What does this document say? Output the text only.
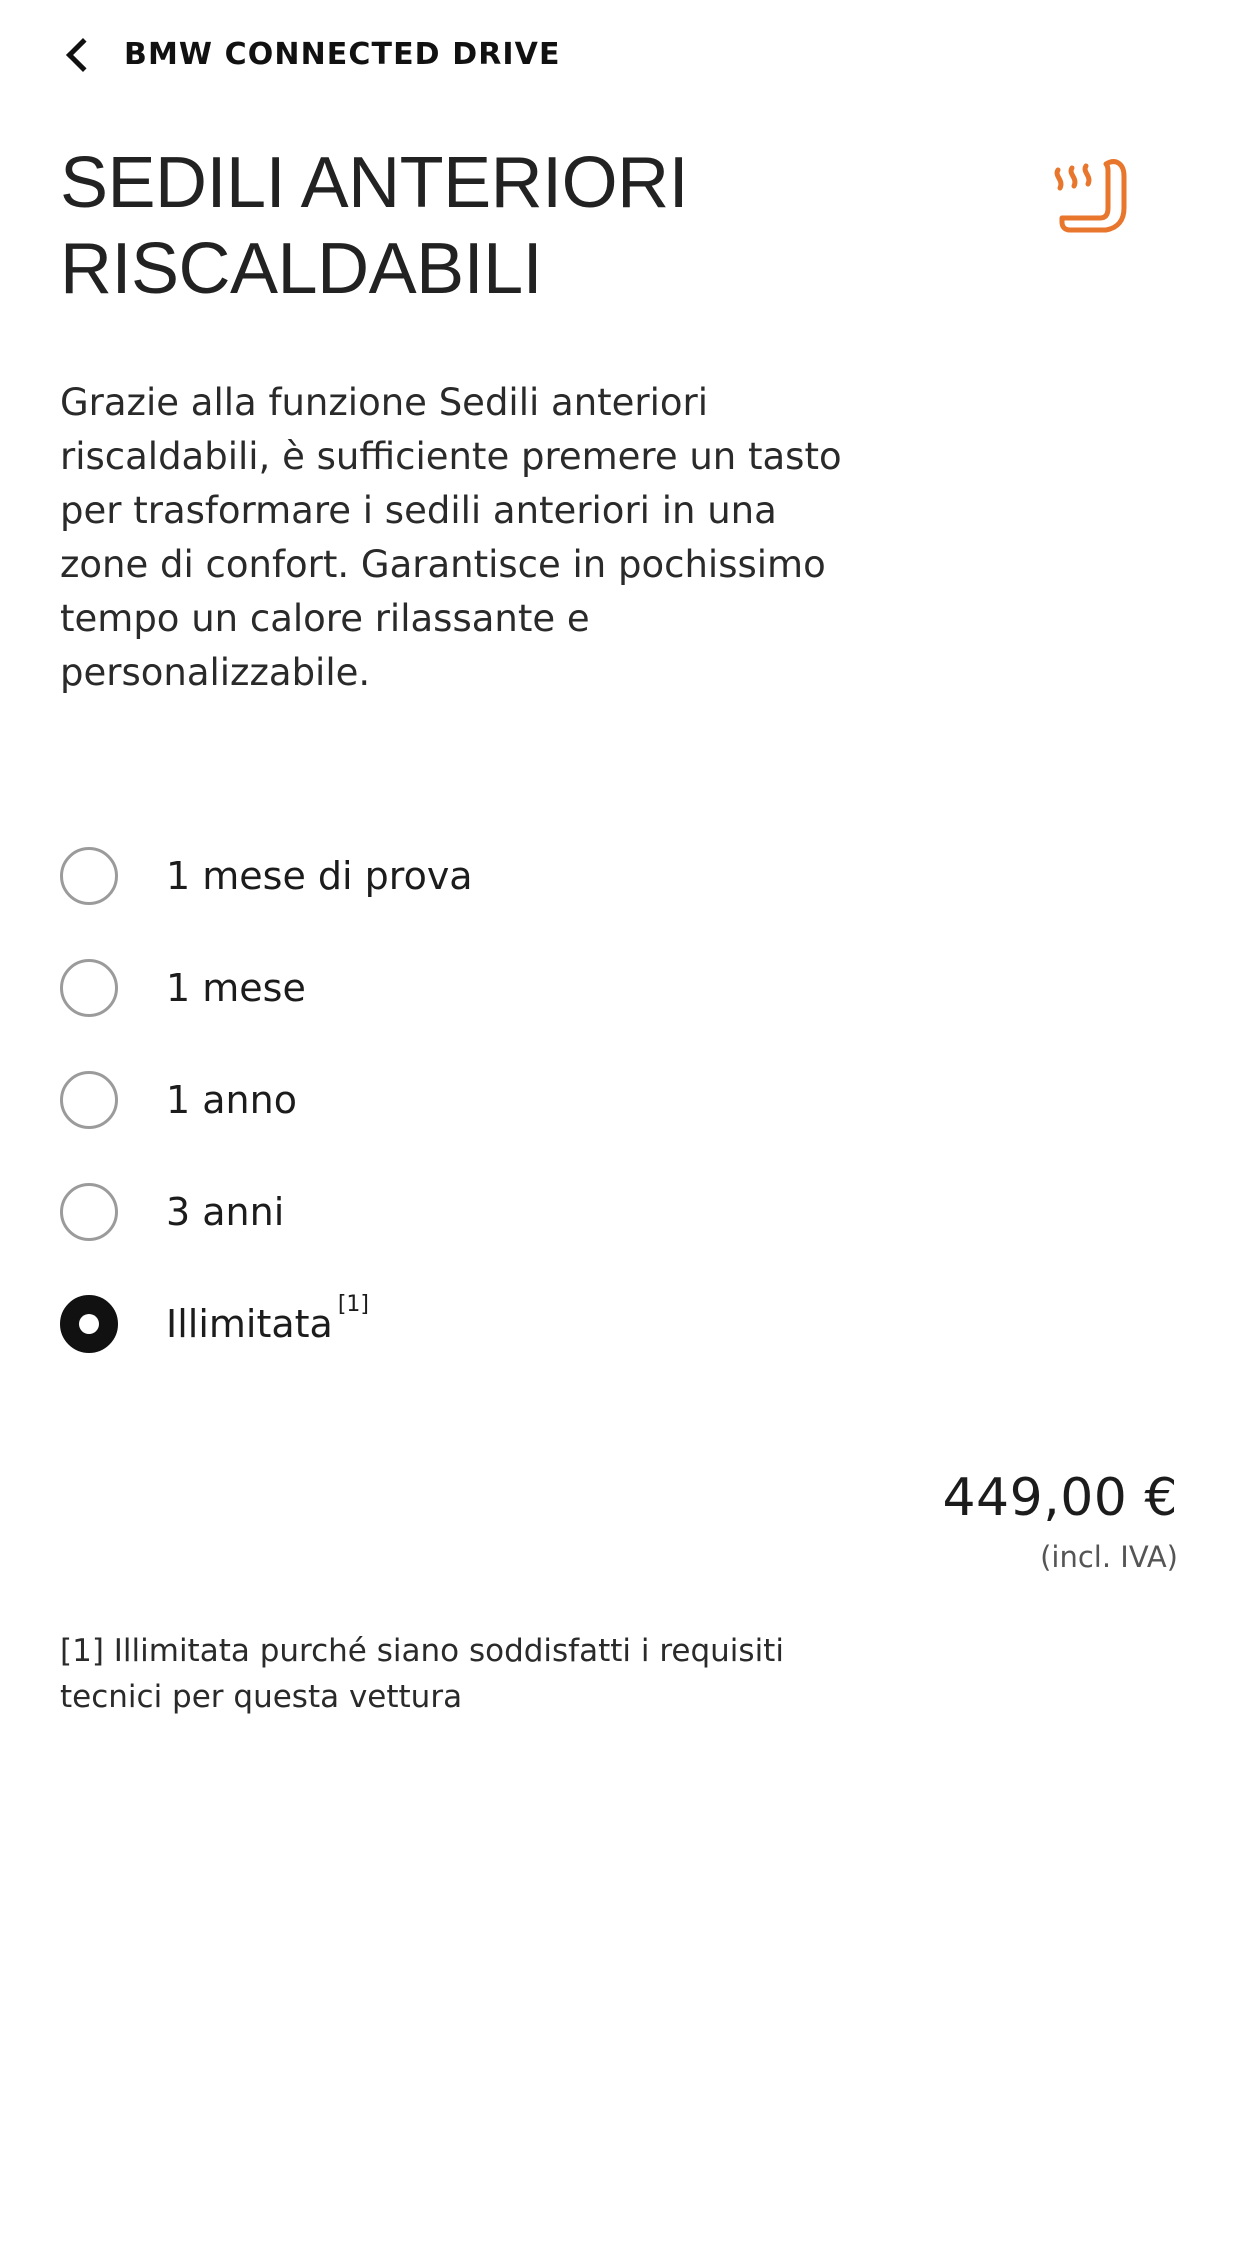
BMW CONNECTED DRIVE
SEDILI ANTERIORI RISCALDABILI
Grazie alla funzione Sedili anteriori riscaldabili, è sufficiente premere un tasto per trasformare i sedili anteriori in una zone di confort. Garantisce in pochissimo tempo un calore rilassante e personalizzabile.
1 mese di prova
1 mese
1 anno
3 anni
Illimitata [1]
449,00 €
(incl. IVA)
[1] Illimitata purché siano soddisfatti i requisiti tecnici per questa vettura
